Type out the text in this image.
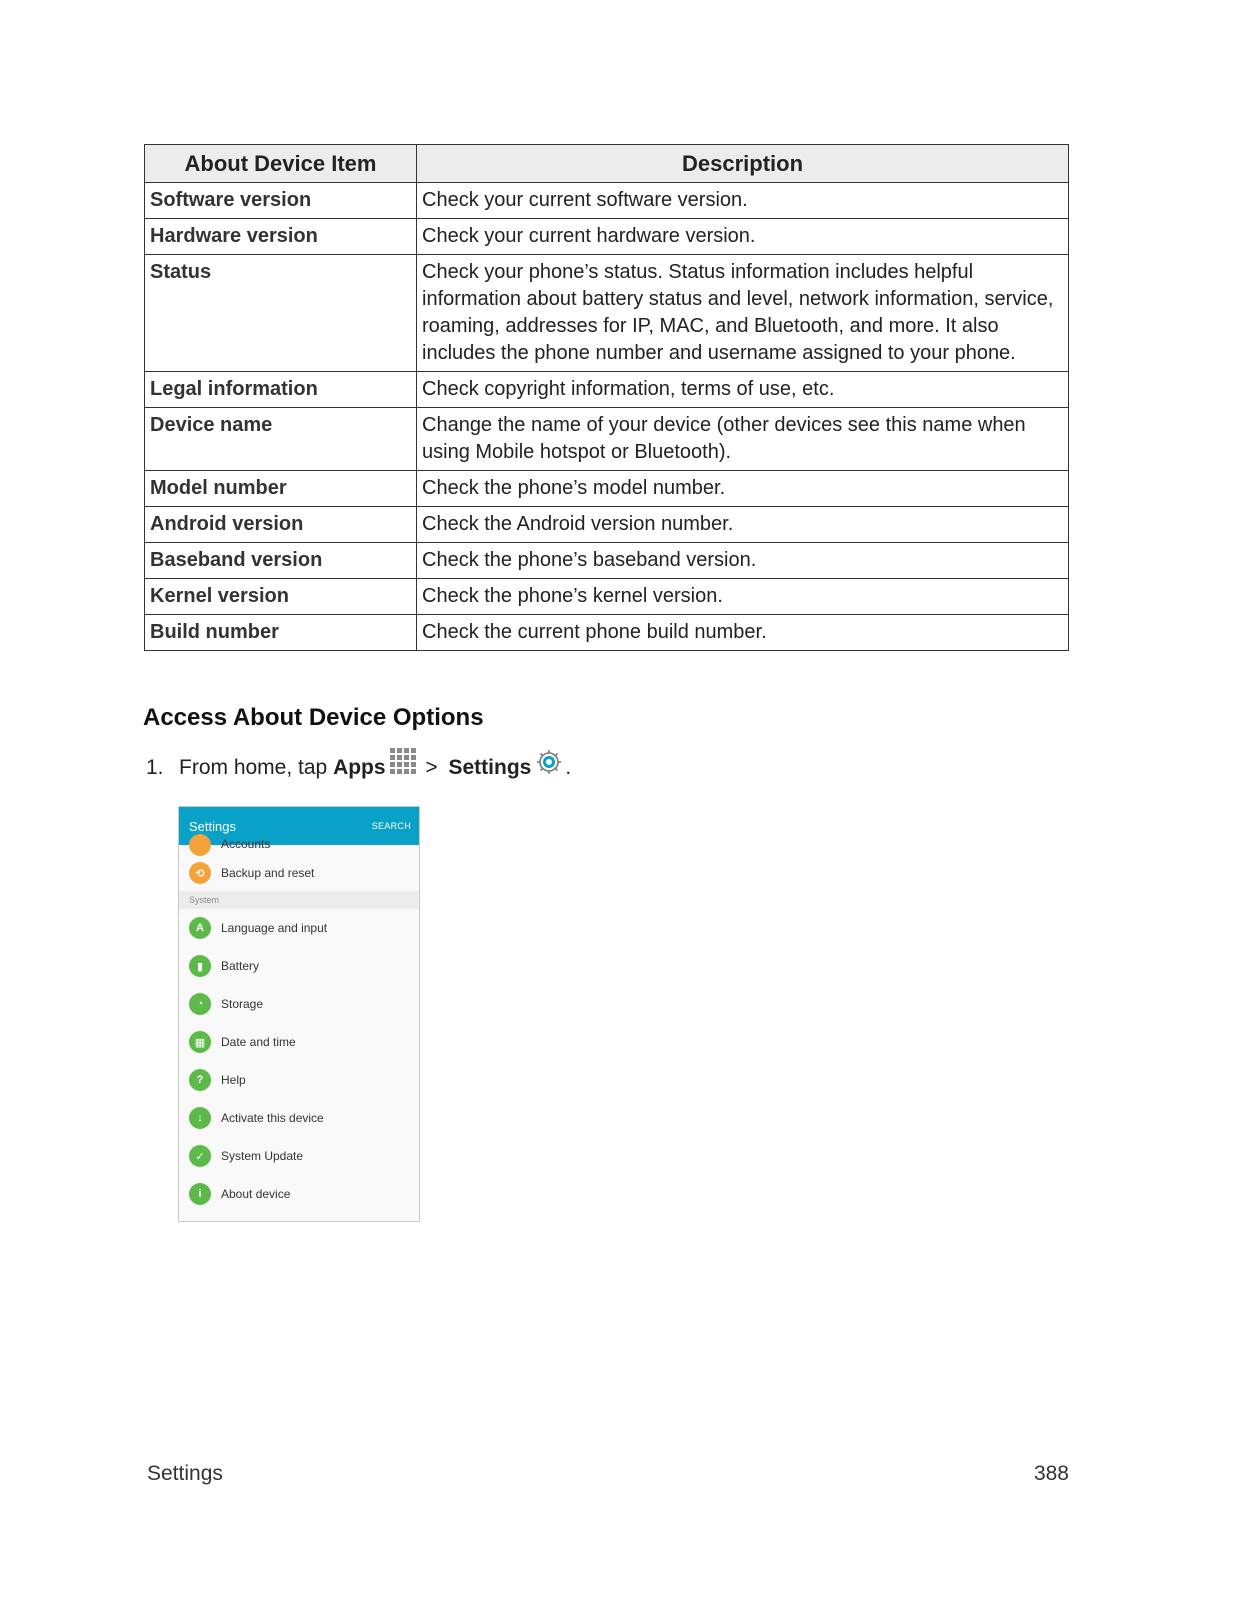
About Device Item	Description
Software version	Check your current software version.
Hardware version	Check your current hardware version.
Status	Check your phone’s status. Status information includes helpful information about battery status and level, network information, service, roaming, addresses for IP, MAC, and Bluetooth, and more. It also includes the phone number and username assigned to your phone.
Legal information	Check copyright information, terms of use, etc.
Device name	Change the name of your device (other devices see this name when using Mobile hotspot or Bluetooth).
Model number	Check the phone’s model number.
Android version	Check the Android version number.
Baseband version	Check the phone’s baseband version.
Kernel version	Check the phone’s kernel version.
Build number	Check the current phone build number.
Access About Device Options
1. From home, tap Apps > Settings .
Settings	SEARCH
Accounts
⟲	Backup and reset
System
A	Language and input
▮	Battery
◔	Storage
▦	Date and time
?	Help
↓	Activate this device
✓	System Update
i	About device
Settings	388
